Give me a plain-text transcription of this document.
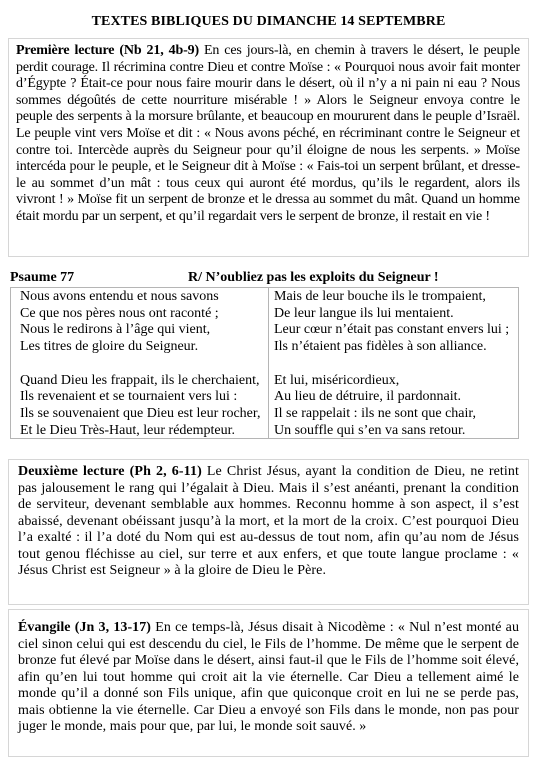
TEXTES BIBLIQUES DU DIMANCHE 14 SEPTEMBRE

Première lecture (Nb 21, 4b-9) En ces jours-là, en chemin à travers le désert, le peuple perdit courage. Il récrimina contre Dieu et contre Moïse : « Pourquoi nous avoir fait monter d’Égypte ? Était-ce pour nous faire mourir dans le désert, où il n’y a ni pain ni eau ? Nous sommes dégoûtés de cette nourriture misérable ! » Alors le Seigneur envoya contre le peuple des serpents à la morsure brûlante, et beaucoup en moururent dans le peuple d’Israël. Le peuple vint vers Moïse et dit : « Nous avons péché, en récriminant contre le Seigneur et contre toi. Intercède auprès du Seigneur pour qu’il éloigne de nous les serpents. » Moïse intercéda pour le peuple, et le Seigneur dit à Moïse : « Fais-toi un serpent brûlant, et dresse-le au sommet d’un mât : tous ceux qui auront été mordus, qu’ils le regardent, alors ils vivront ! » Moïse fit un serpent de bronze et le dressa au sommet du mât. Quand un homme était mordu par un serpent, et qu’il regardait vers le serpent de bronze, il restait en vie !

Psaume 77	R/ N’oubliez pas les exploits du Seigneur !
Nous avons entendu et nous savons
Ce que nos pères nous ont raconté ;
Nous le redirons à l’âge qui vient,
Les titres de gloire du Seigneur.
Quand Dieu les frappait, ils le cherchaient,
Ils revenaient et se tournaient vers lui :
Ils se souvenaient que Dieu est leur rocher,
Et le Dieu Très-Haut, leur rédempteur.
Mais de leur bouche ils le trompaient,
De leur langue ils lui mentaient.
Leur cœur n’était pas constant envers lui ;
Ils n’étaient pas fidèles à son alliance.
Et lui, miséricordieux,
Au lieu de détruire, il pardonnait.
Il se rappelait : ils ne sont que chair,
Un souffle qui s’en va sans retour.

Deuxième lecture (Ph 2, 6-11) Le Christ Jésus, ayant la condition de Dieu, ne retint pas jalousement le rang qui l’égalait à Dieu. Mais il s’est anéanti, prenant la condition de serviteur, devenant semblable aux hommes. Reconnu homme à son aspect, il s’est abaissé, devenant obéissant jusqu’à la mort, et la mort de la croix. C’est pourquoi Dieu l’a exalté : il l’a doté du Nom qui est au-dessus de tout nom, afin qu’au nom de Jésus tout genou fléchisse au ciel, sur terre et aux enfers, et que toute langue proclame : « Jésus Christ est Seigneur » à la gloire de Dieu le Père.

Évangile (Jn 3, 13-17) En ce temps-là, Jésus disait à Nicodème : « Nul n’est monté au ciel sinon celui qui est descendu du ciel, le Fils de l’homme. De même que le serpent de bronze fut élevé par Moïse dans le désert, ainsi faut-il que le Fils de l’homme soit élevé, afin qu’en lui tout homme qui croit ait la vie éternelle. Car Dieu a tellement aimé le monde qu’il a donné son Fils unique, afin que quiconque croit en lui ne se perde pas, mais obtienne la vie éternelle. Car Dieu a envoyé son Fils dans le monde, non pas pour juger le monde, mais pour que, par lui, le monde soit sauvé. »
